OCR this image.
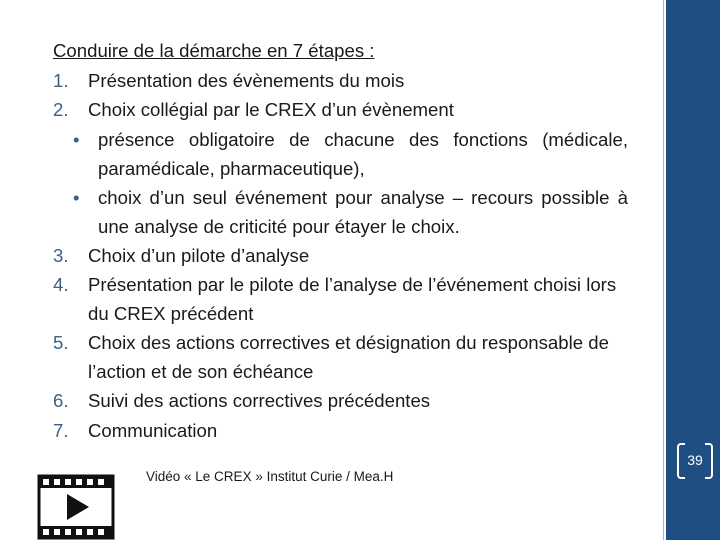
Conduire de la démarche en 7 étapes :
1. Présentation des évènements du mois
2. Choix collégial par le CREX d’un évènement
• présence obligatoire de chacune des fonctions (médicale, paramédicale, pharmaceutique),
• choix d’un seul événement pour analyse – recours possible à une analyse de criticité pour étayer le choix.
3. Choix d’un pilote d’analyse
4. Présentation par le pilote de l’analyse de l’événement choisi lors du CREX précédent
5. Choix des actions correctives et désignation du responsable de l’action et de son échéance
6. Suivi des actions correctives précédentes
7. Communication
39
Vidéo « Le CREX » Institut Curie / Mea.H
